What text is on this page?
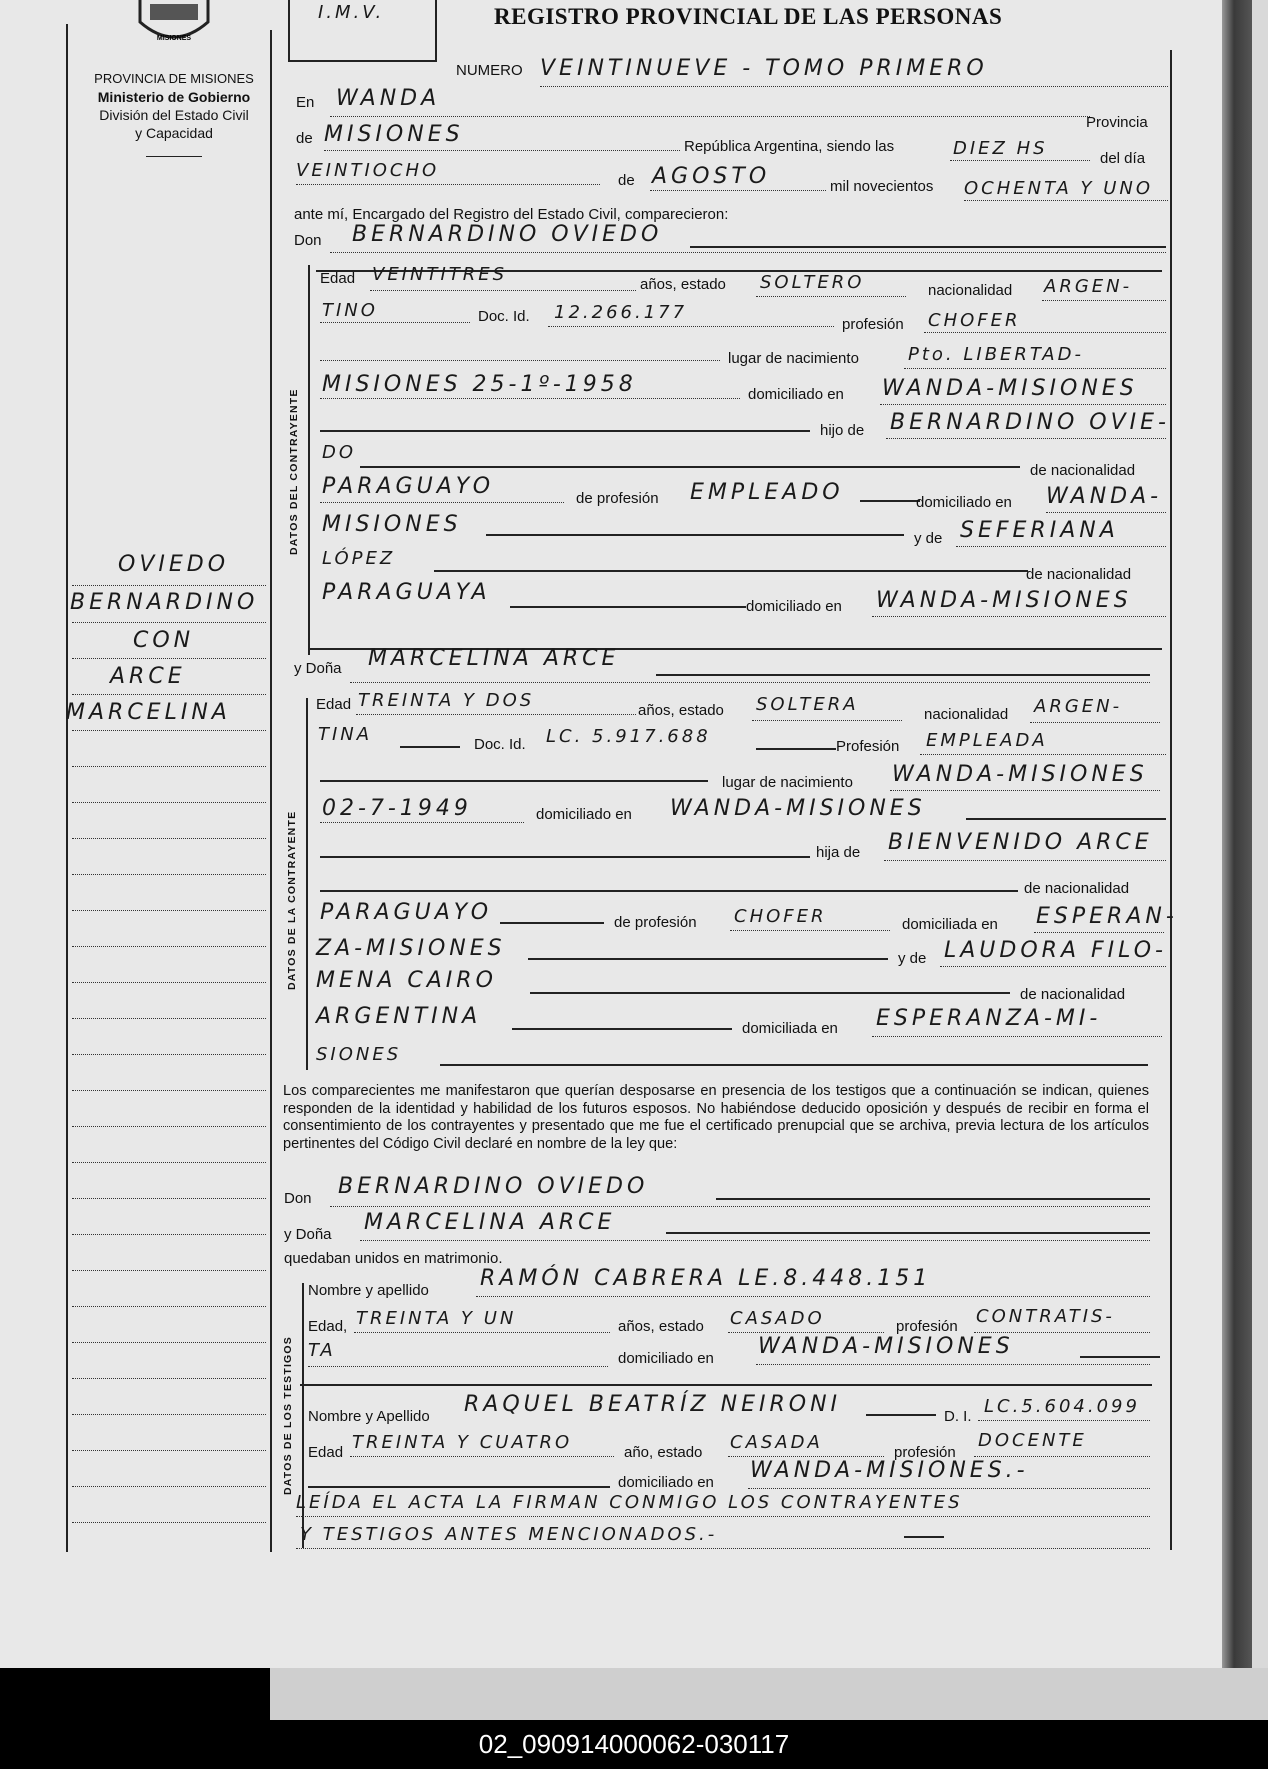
MISIONES
I.M.V.	REGISTRO PROVINCIAL DE LAS PERSONAS
PROVINCIA DE MISIONES
Ministerio de Gobierno
División del Estado Civil
y Capacidad
DATOS DEL CONTRAYENTE
DATOS DE LA CONTRAYENTE
DATOS DE LOS TESTIGOS
OVIEDO
BERNARDINO
CON
ARCE
MARCELINA
NUMERO VEINTINUEVE - TOMO PRIMERO
En WANDA
Provincia
de MISIONES	República Argentina, siendo las	DIEZ HS	del día
VEINTIOCHO	de AGOSTO	mil novecientos OCHENTA Y UNO
ante mí, Encargado del Registro del Estado Civil, comparecieron:
Don BERNARDINO OVIEDO
Edad VEINTITRES	años, estado SOLTERO	nacionalidad ARGEN-
TINO	Doc. Id. 12.266.177
profesión CHOFER
lugar de nacimiento	Pto. LIBERTAD-
MISIONES 25-1º-1958	domiciliado en WANDA-MISIONES
hijo de BERNARDINO OVIE-
DO
de nacionalidad
PARAGUAYO	de profesión EMPLEADO	domiciliado en WANDA-
MISIONES
y de SEFERIANA
LÓPEZ
de nacionalidad
PARAGUAYA
domiciliado en WANDA-MISIONES
y Doña MARCELINA ARCE
Edad TREINTA Y DOS	años, estado SOLTERA	nacionalidad ARGEN-
TINA	Doc. Id. LC. 5.917.688	Profesión EMPLEADA
lugar de nacimiento WANDA-MISIONES
02-7-1949	domiciliado en WANDA-MISIONES
hija de BIENVENIDO ARCE
de nacionalidad
PARAGUAYO	de profesión CHOFER	domiciliada en ESPERAN-
ZA-MISIONES	y de LAUDORA FILO-
MENA CAIRO
de nacionalidad
ARGENTINA	domiciliada en ESPERANZA-MI-
SIONES
Los comparecientes me manifestaron que querían desposarse en presencia de los testigos que a continuación se indican, quienes responden de la identidad y habilidad de los futuros esposos. No habiéndose deducido oposición y después de recibir en forma el consentimiento de los contrayentes y presentado que me fue el certificado prenupcial que se archiva, previa lectura de los artículos pertinentes del Código Civil declaré en nombre de la ley que:
Don BERNARDINO OVIEDO
y Doña MARCELINA ARCE
quedaban unidos en matrimonio.
Nombre y apellido RAMÓN CABRERA LE.8.448.151
Edad, TREINTA Y UN	años, estado CASADO	profesión CONTRATIS-
TA	domiciliado en WANDA-MISIONES
Nombre y Apellido RAQUEL BEATRÍZ NEIRONI	D. I. LC.5.604.099
Edad TREINTA Y CUATRO	año, estado CASADA	profesión
DOCENTE
domiciliado en WANDA-MISIONES.-
LEÍDA EL ACTA LA FIRMAN CONMIGO LOS CONTRAYENTES
Y TESTIGOS ANTES MENCIONADOS.-
02_090914000062-030117
